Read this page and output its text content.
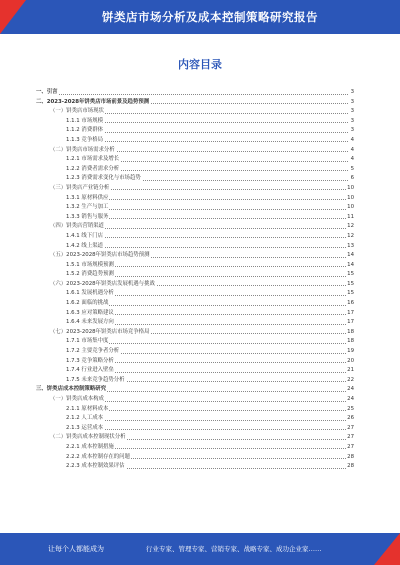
饼类店市场分析及成本控制策略研究报告
内容目录
一、引言	3
二、2023-2028年饼类店市场前景及趋势预测	3
（一）饼类店市场现状	3
1.1.1 市场规模	3
1.1.2 消费群体	3
1.1.3 竞争格局	4
（二）饼类店市场需求分析	4
1.2.1 市场需求及增长	4
1.2.2 消费者需求分析	5
1.2.3 消费需求变化与市场趋势	6
（三）饼类店产业链分析	10
1.3.1 原材料供应	10
1.3.2 生产与加工	10
1.3.3 销售与服务	11
（四）饼类店营销渠道	12
1.4.1 线下门店	12
1.4.2 线上渠道	13
（五）2023-2028年饼类店市场趋势预测	14
1.5.1 市场规模预测	14
1.5.2 消费趋势预测	15
（六）2023-2028年饼类店发展机遇与挑战	15
1.6.1 发展机遇分析	15
1.6.2 面临的挑战	16
1.6.3 应对策略建议	17
1.6.4 未来发展方向	17
（七）2023-2028年饼类店市场竞争格局	18
1.7.1 市场集中度	18
1.7.2 主要竞争者分析	19
1.7.3 竞争策略分析	20
1.7.4 行业进入壁垒	21
1.7.5 未来竞争趋势分析	22
三、饼类店成本控制策略研究	24
（一）饼类店成本构成	24
2.1.1 原材料成本	25
2.1.2 人工成本	26
2.1.3 运营成本	27
（二）饼类店成本控制现状分析	27
2.2.1 成本控制措施	27
2.2.2 成本控制存在的问题	28
2.2.3 成本控制效果评估	28
让每个人都能成为	行业专家、管理专家、营销专家、战略专家、成功企业家……
